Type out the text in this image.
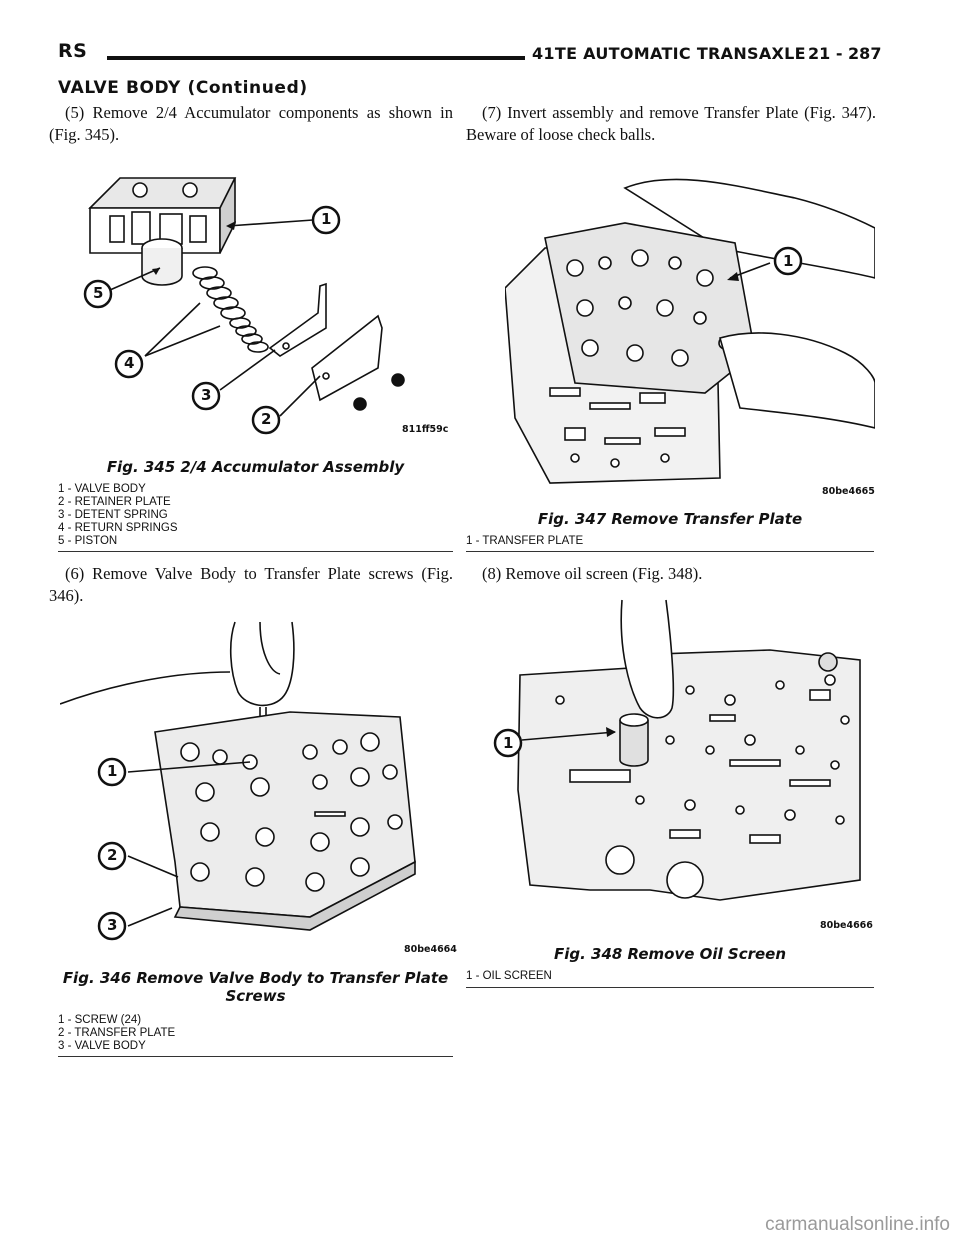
RS	41TE AUTOMATIC TRANSAXLE 21 - 287
VALVE BODY (Continued)

(5) Remove 2/4 Accumulator components as shown in (Fig. 345).

1
2
3
4
5
811ff59c
Fig. 345 2/4 Accumulator Assembly
1 - VALVE BODY
2 - RETAINER PLATE
3 - DETENT SPRING
4 - RETURN SPRINGS
5 - PISTON

(6) Remove Valve Body to Transfer Plate screws (Fig. 346).

1
2
3
80be4664
Fig. 346 Remove Valve Body to Transfer Plate
Screws
1 - SCREW (24)
2 - TRANSFER PLATE
3 - VALVE BODY

(7) Invert assembly and remove Transfer Plate (Fig. 347). Beware of loose check balls.

1
80be4665
Fig. 347 Remove Transfer Plate
1 - TRANSFER PLATE

(8) Remove oil screen (Fig. 348).

1
80be4666
Fig. 348 Remove Oil Screen
1 - OIL SCREEN
carmanualsonline.info
